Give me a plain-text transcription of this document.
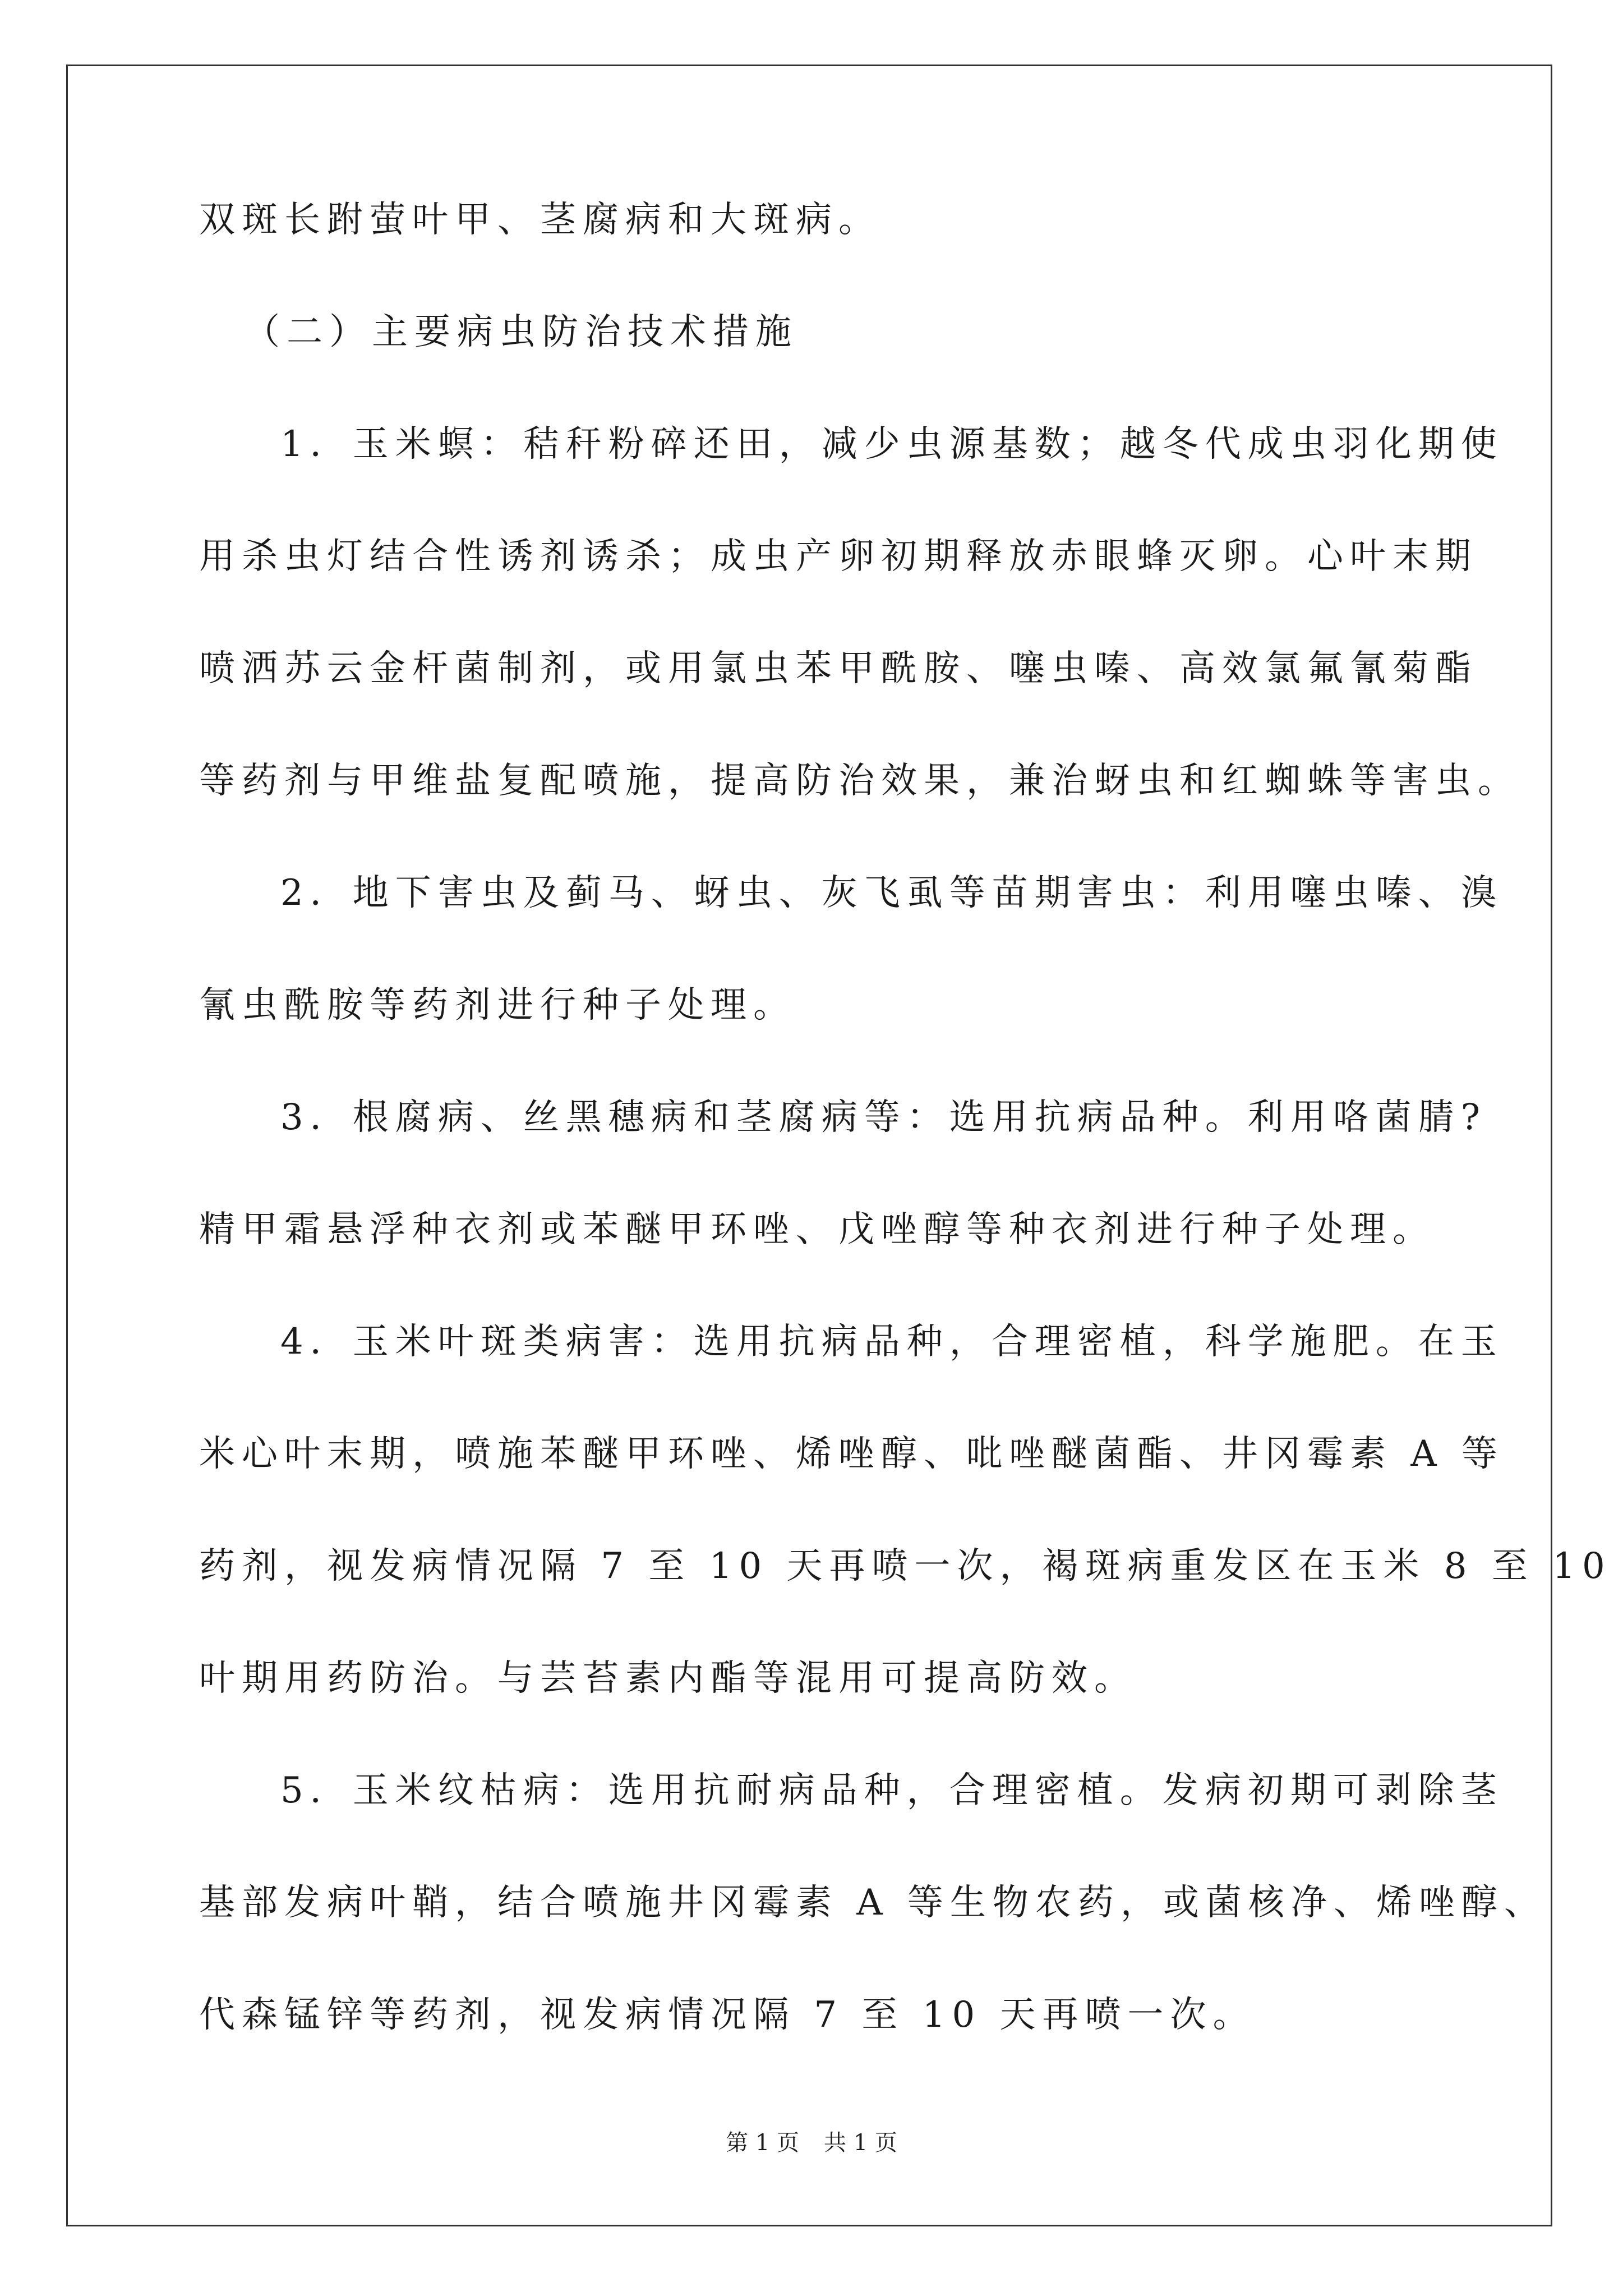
双斑长跗萤叶甲、茎腐病和大斑病。

（二）主要病虫防治技术措施

1．玉米螟：秸秆粉碎还田，减少虫源基数；越冬代成虫羽化期使

用杀虫灯结合性诱剂诱杀；成虫产卵初期释放赤眼蜂灭卵。心叶末期

喷洒苏云金杆菌制剂，或用氯虫苯甲酰胺、噻虫嗪、高效氯氟氰菊酯

等药剂与甲维盐复配喷施，提高防治效果，兼治蚜虫和红蜘蛛等害虫。

2．地下害虫及蓟马、蚜虫、灰飞虱等苗期害虫：利用噻虫嗪、溴

氰虫酰胺等药剂进行种子处理。

3．根腐病、丝黑穗病和茎腐病等：选用抗病品种。利用咯菌腈?

精甲霜悬浮种衣剂或苯醚甲环唑、戊唑醇等种衣剂进行种子处理。

4．玉米叶斑类病害：选用抗病品种，合理密植，科学施肥。在玉

米心叶末期，喷施苯醚甲环唑、烯唑醇、吡唑醚菌酯、井冈霉素 A 等

药剂，视发病情况隔 7 至 10 天再喷一次，褐斑病重发区在玉米 8 至 10

叶期用药防治。与芸苔素内酯等混用可提高防效。

5．玉米纹枯病：选用抗耐病品种，合理密植。发病初期可剥除茎

基部发病叶鞘，结合喷施井冈霉素 A 等生物农药，或菌核净、烯唑醇、

代森锰锌等药剂，视发病情况隔 7 至 10 天再喷一次。

第 1 页 共 1 页
